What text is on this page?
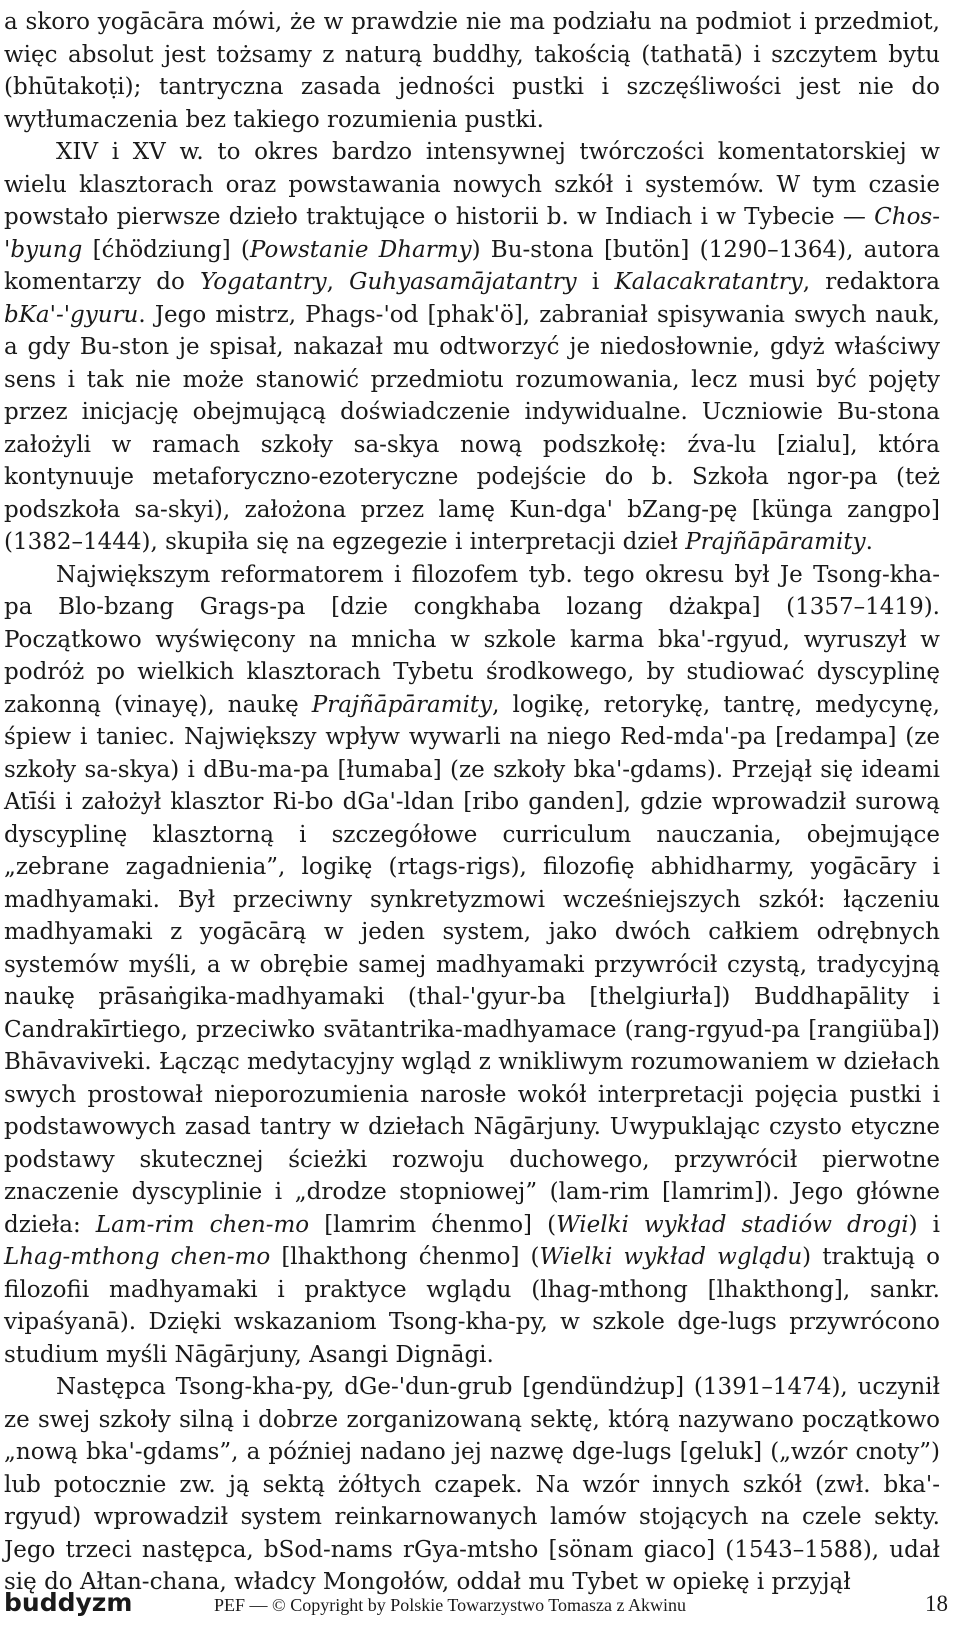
a skoro yogācāra mówi, że w prawdzie nie ma podziału na podmiot i przedmiot, więc absolut jest tożsamy z naturą buddhy, takością (tathatā) i szczytem bytu (bhūtakoṭi); tantryczna zasada jedności pustki i szczęśliwości jest nie do wytłumaczenia bez takiego rozumienia pustki.

XIV i XV w. to okres bardzo intensywnej twórczości komentatorskiej w wielu klasztorach oraz powstawania nowych szkół i systemów. W tym czasie powstało pierwsze dzieło traktujące o historii b. w Indiach i w Tybecie — Chos-'byung [ćhödziung] (Powstanie Dharmy) Bu-stona [butön] (1290–1364), autora komentarzy do Yogatantry, Guhyasamājatantry i Kalacakratantry, redaktora bKa'-'gyuru. Jego mistrz, Phags-'od [phak'ö], zabraniał spisywania swych nauk, a gdy Bu-ston je spisał, nakazał mu odtworzyć je niedosłownie, gdyż właściwy sens i tak nie może stanowić przedmiotu rozumowania, lecz musi być pojęty przez inicjację obejmującą doświadczenie indywidualne. Uczniowie Bu-stona założyli w ramach szkoły sa-skya nową podszkołę: źva-lu [zialu], która kontynuuje metaforyczno-ezoteryczne podejście do b. Szkoła ngor-pa (też podszkoła sa-skyi), założona przez lamę Kun-dga' bZang-pę [künga zangpo] (1382–1444), skupiła się na egzegezie i interpretacji dzieł Prajñāpāramity.

Największym reformatorem i filozofem tyb. tego okresu był Je Tsong-kha-pa Blo-bzang Grags-pa [dzie congkhaba lozang dżakpa] (1357–1419). Początkowo wyświęcony na mnicha w szkole karma bka'-rgyud, wyruszył w podróż po wielkich klasztorach Tybetu środkowego, by studiować dyscyplinę zakonną (vinayę), naukę Prajñāpāramity, logikę, retorykę, tantrę, medycynę, śpiew i taniec. Największy wpływ wywarli na niego Red-mda'-pa [redampa] (ze szkoły sa-skya) i dBu-ma-pa [łumaba] (ze szkoły bka'-gdams). Przejął się ideami Atīśi i założył klasztor Ri-bo dGa'-ldan [ribo ganden], gdzie wprowadził surową dyscyplinę klasztorną i szczegółowe curriculum nauczania, obejmujące „zebrane zagadnienia”, logikę (rtags-rigs), filozofię abhidharmy, yogācāry i madhyamaki. Był przeciwny synkretyzmowi wcześniejszych szkół: łączeniu madhyamaki z yogācārą w jeden system, jako dwóch całkiem odrębnych systemów myśli, a w obrębie samej madhyamaki przywrócił czystą, tradycyjną naukę prāsaṅgika-madhyamaki (thal-'gyur-ba [thelgiurła]) Buddhapālity i Candrakīrtiego, przeciwko svātantrika-madhyamace (rang-rgyud-pa [rangiüba]) Bhāvaviveki. Łącząc medytacyjny wgląd z wnikliwym rozumowaniem w dziełach swych prostował nieporozumienia narosłe wokół interpretacji pojęcia pustki i podstawowych zasad tantry w dziełach Nāgārjuny. Uwypuklając czysto etyczne podstawy skutecznej ścieżki rozwoju duchowego, przywrócił pierwotne znaczenie dyscyplinie i „drodze stopniowej” (lam-rim [lamrim]). Jego główne dzieła: Lam-rim chen-mo [lamrim ćhenmo] (Wielki wykład stadiów drogi) i Lhag-mthong chen-mo [lhakthong ćhenmo] (Wielki wykład wglądu) traktują o filozofii madhyamaki i praktyce wglądu (lhag-mthong [lhakthong], sankr. vipaśyanā). Dzięki wskazaniom Tsong-kha-py, w szkole dge-lugs przywrócono studium myśli Nāgārjuny, Asangi Dignāgi.

Następca Tsong-kha-py, dGe-'dun-grub [gendündżup] (1391–1474), uczynił ze swej szkoły silną i dobrze zorganizowaną sektę, którą nazywano początkowo „nową bka'-gdams”, a później nadano jej nazwę dge-lugs [geluk] („wzór cnoty”) lub potocznie zw. ją sektą żółtych czapek. Na wzór innych szkół (zwł. bka'-rgyud) wprowadził system reinkarnowanych lamów stojących na czele sekty. Jego trzeci następca, bSod-nams rGya-mtsho [sönam giaco] (1543–1588), udał się do Ałtan-chana, władcy Mongołów, oddał mu Tybet w opiekę i przyjął

buddyzm	PEF — © Copyright by Polskie Towarzystwo Tomasza z Akwinu	18
